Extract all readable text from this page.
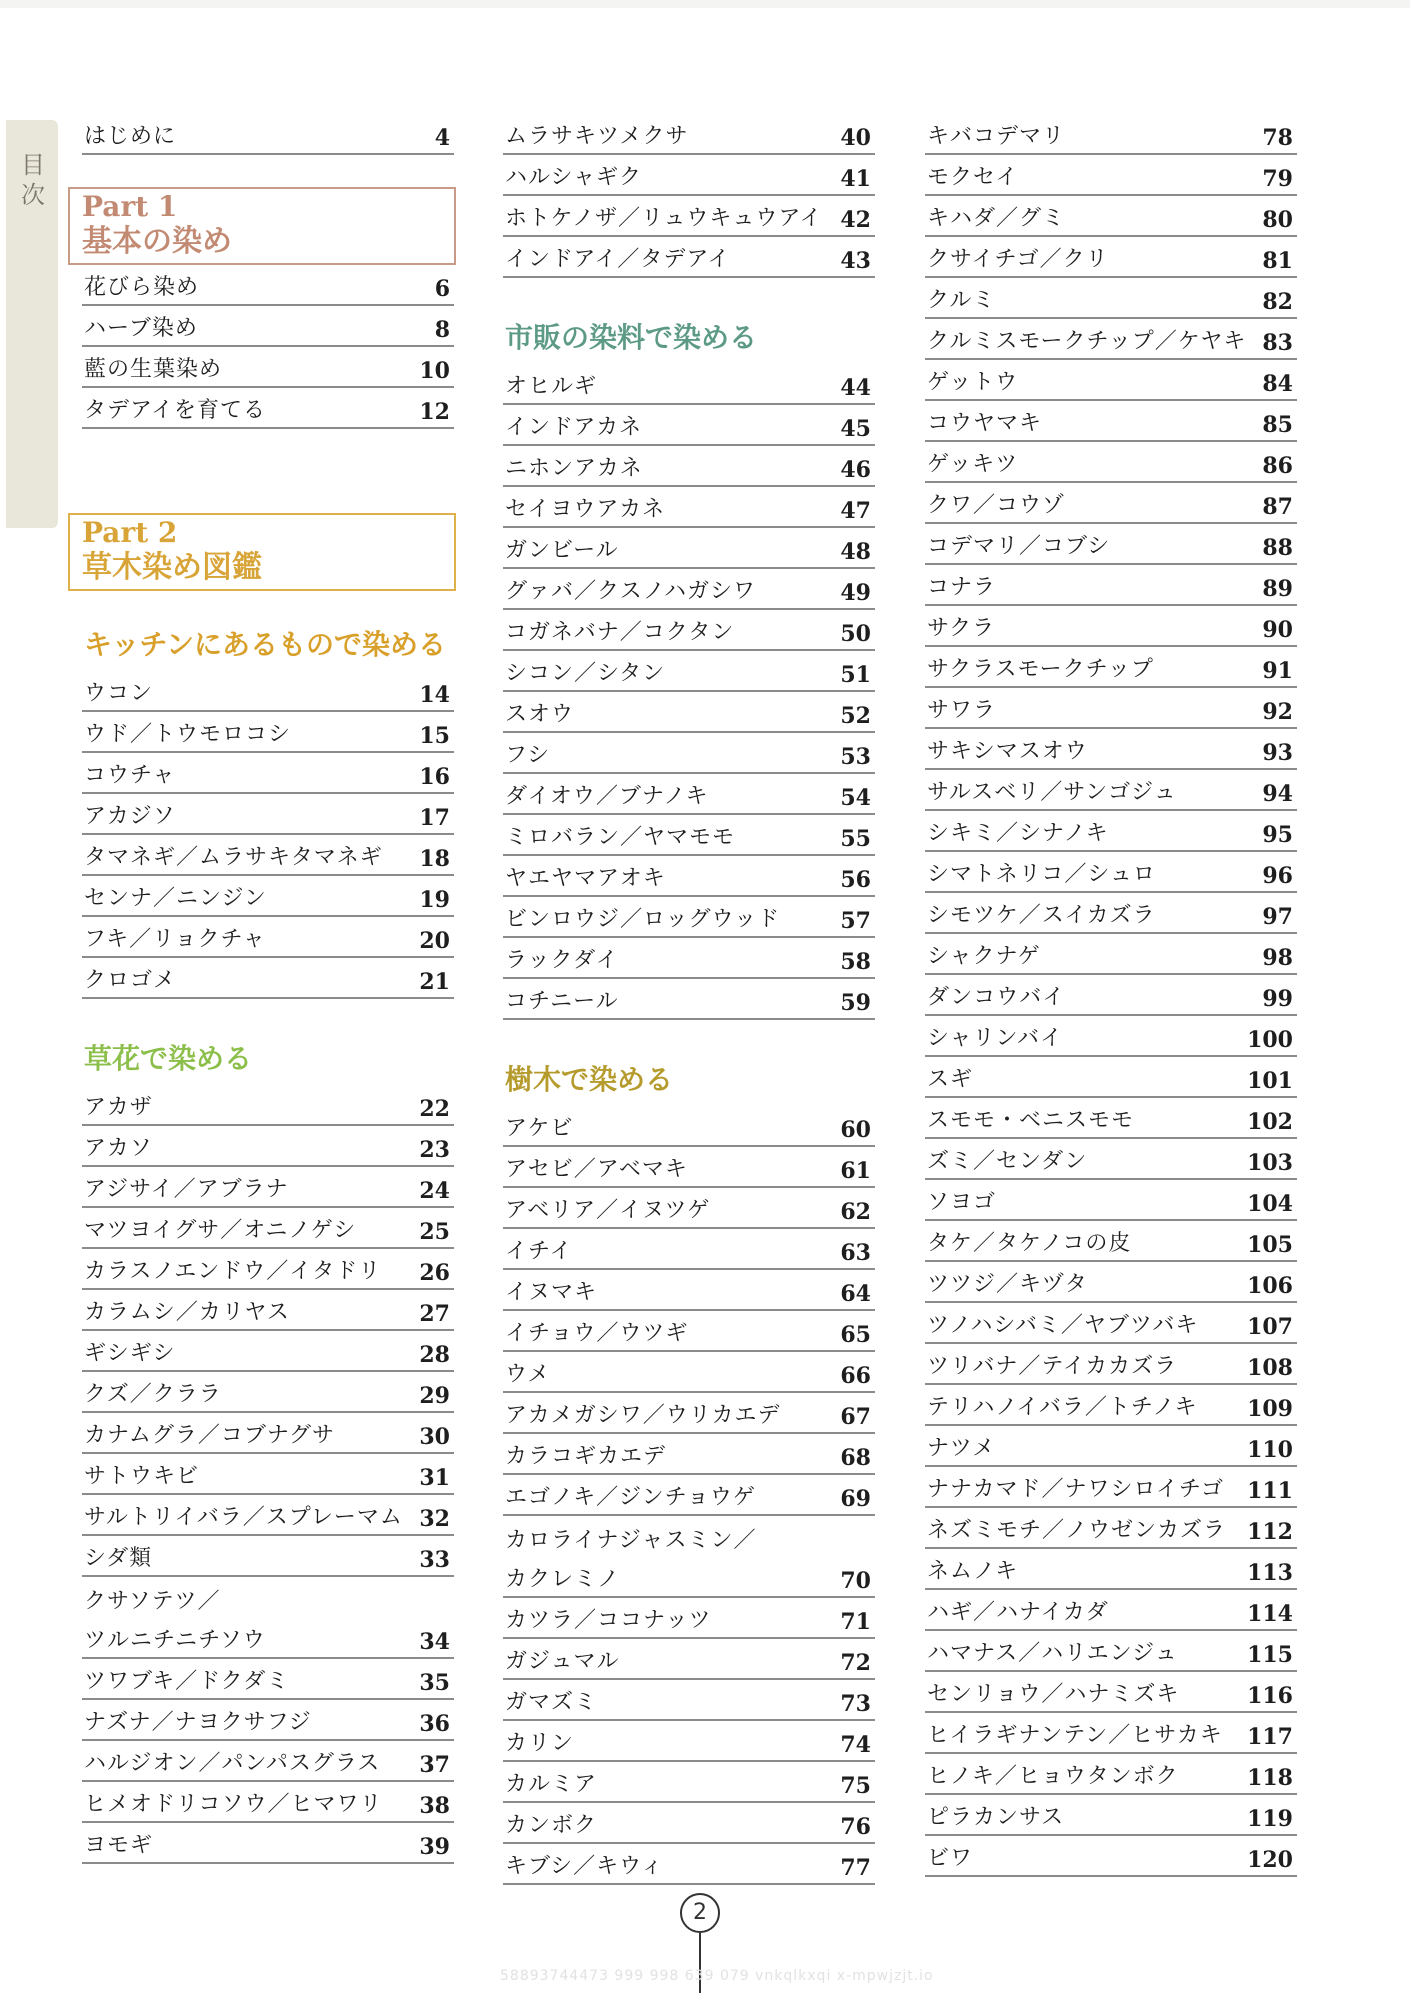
目次
はじめに	4
Part 1
基本の染め
花びら染め	6
ハーブ染め	8
藍の生葉染め	10
タデアイを育てる	12
Part 2
草木染め図鑑
キッチンにあるもので染める
ウコン	14
ウド／トウモロコシ	15
コウチャ	16
アカジソ	17
タマネギ／ムラサキタマネギ 18
センナ／ニンジン	19
フキ／リョクチャ	20
クロゴメ	21
草花で染める
アカザ	22
アカソ	23
アジサイ／アブラナ	24
マツヨイグサ／オニノゲシ	25
カラスノエンドウ／イタドリ 26
カラムシ／カリヤス	27
ギシギシ	28
クズ／クララ	29
カナムグラ／コブナグサ	30
サトウキビ	31
サルトリイバラ／スプレーマム 32
シダ類	33
クサソテツ／
ツルニチニチソウ	34
ツワブキ／ドクダミ	35
ナズナ／ナヨクサフジ	36
ハルジオン／パンパスグラス 37
ヒメオドリコソウ／ヒマワリ 38
ヨモギ	39
ムラサキツメクサ	40
ハルシャギク	41
ホトケノザ／リュウキュウアイ 42
インドアイ／タデアイ	43
市販の染料で染める
オヒルギ	44
インドアカネ	45
ニホンアカネ	46
セイヨウアカネ	47
ガンビール	48
グァバ／クスノハガシワ	49
コガネバナ／コクタン	50
シコン／シタン	51
スオウ	52
フシ	53
ダイオウ／ブナノキ	54
ミロバラン／ヤマモモ	55
ヤエヤマアオキ	56
ビンロウジ／ロッグウッド	57
ラックダイ	58
コチニール	59
樹木で染める
アケビ	60
アセビ／アベマキ	61
アベリア／イヌツゲ	62
イチイ	63
イヌマキ	64
イチョウ／ウツギ	65
ウメ	66
アカメガシワ／ウリカエデ	67
カラコギカエデ	68
エゴノキ／ジンチョウゲ	69
カロライナジャスミン／
カクレミノ	70
カツラ／ココナッツ	71
ガジュマル	72
ガマズミ	73
カリン	74
カルミア	75
カンボク	76
キブシ／キウィ	77
キバコデマリ	78
モクセイ	79
キハダ／グミ	80
クサイチゴ／クリ	81
クルミ	82
クルミスモークチップ／ケヤキ 83
ゲットウ	84
コウヤマキ	85
ゲッキツ	86
クワ／コウゾ	87
コデマリ／コブシ	88
コナラ	89
サクラ	90
サクラスモークチップ	91
サワラ	92
サキシマスオウ	93
サルスベリ／サンゴジュ	94
シキミ／シナノキ	95
シマトネリコ／シュロ	96
シモツケ／スイカズラ	97
シャクナゲ	98
ダンコウバイ	99
シャリンバイ	100
スギ	101
スモモ・ベニスモモ	102
ズミ／センダン	103
ソヨゴ	104
タケ／タケノコの皮	105
ツツジ／キヅタ	106
ツノハシバミ／ヤブツバキ 107
ツリバナ／テイカカズラ	108
テリハノイバラ／トチノキ 109
ナツメ	110
ナナカマド／ナワシロイチゴ 111
ネズミモチ／ノウゼンカズラ 112
ネムノキ	113
ハギ／ハナイカダ	114
ハマナス／ハリエンジュ	115
センリョウ／ハナミズキ	116
ヒイラギナンテン／ヒサカキ 117
ヒノキ／ヒョウタンボク	118
ピラカンサス	119
ビワ	120
2
58893744473 999 998 639 079 vnkqlkxqi x-mpwjzjt.io
